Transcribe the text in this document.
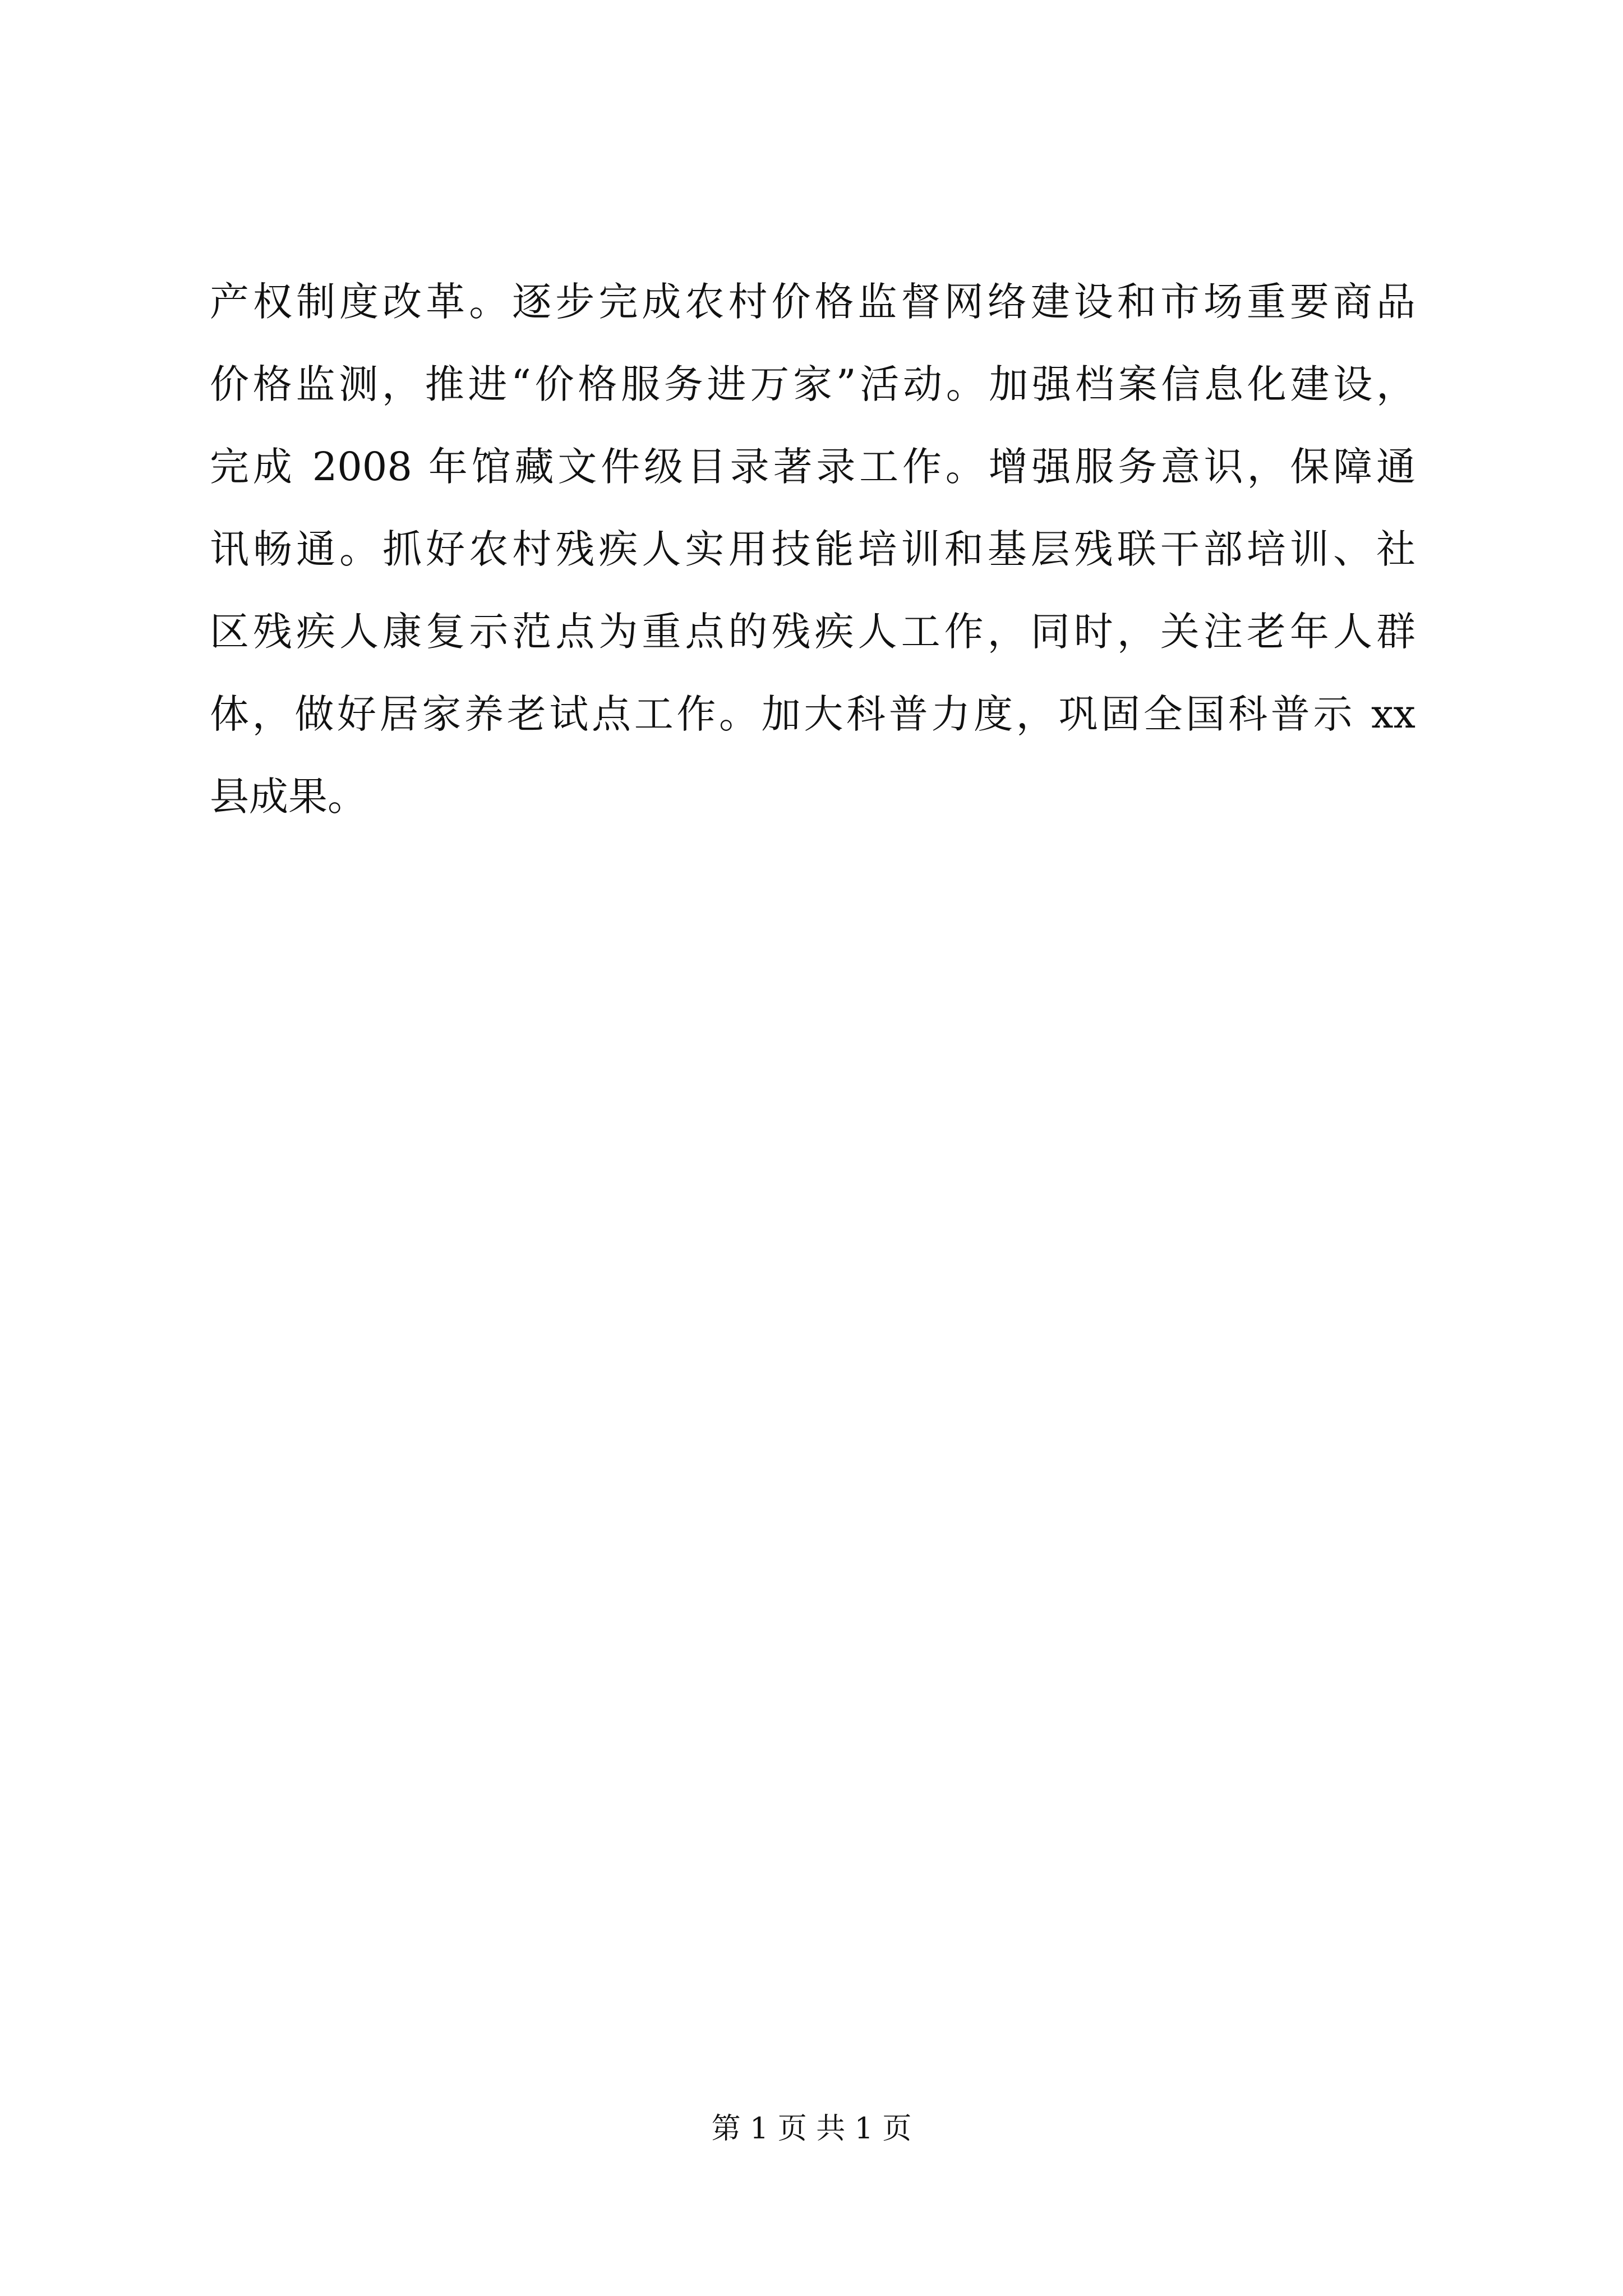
产权制度改革。逐步完成农村价格监督网络建设和市场重要商品
价格监测，推进“价格服务进万家”活动。加强档案信息化建设，
完成 2008 年馆藏文件级目录著录工作。增强服务意识，保障通
讯畅通。抓好农村残疾人实用技能培训和基层残联干部培训、社
区残疾人康复示范点为重点的残疾人工作，同时，关注老年人群
体，做好居家养老试点工作。加大科普力度，巩固全国科普示 xx
县成果。
第 1 页 共 1 页
